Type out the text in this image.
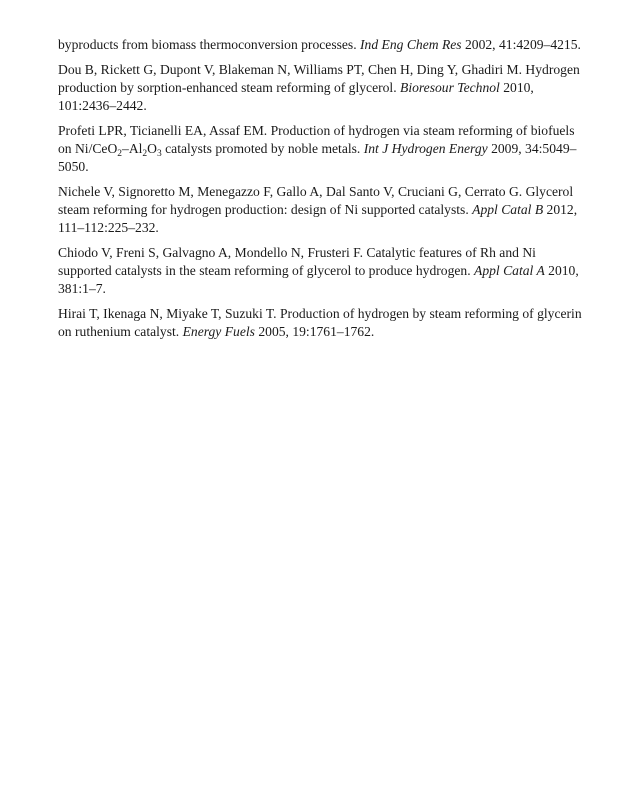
byproducts from biomass thermoconversion processes. Ind Eng Chem Res 2002, 41:4209–4215.
Dou B, Rickett G, Dupont V, Blakeman N, Williams PT, Chen H, Ding Y, Ghadiri M. Hydrogen production by sorption-enhanced steam reforming of glycerol. Bioresour Technol 2010, 101:2436–2442.
Profeti LPR, Ticianelli EA, Assaf EM. Production of hydrogen via steam reforming of biofuels on $Ni/CeO_2-Al_2O_3$ catalysts promoted by noble metals. Int J Hydrogen Energy 2009, 34:5049–5050.
Nichele V, Signoretto M, Menegazzo F, Gallo A, Dal Santo V, Cruciani G, Cerrato G. Glycerol steam reforming for hydrogen production: design of Ni supported catalysts. Appl Catal B 2012, 111–112:225–232.
Chiodo V, Freni S, Galvagno A, Mondello N, Frusteri F. Catalytic features of Rh and Ni supported catalysts in the steam reforming of glycerol to produce hydrogen. Appl Catal A 2010, 381:1–7.
Hirai T, Ikenaga N, Miyake T, Suzuki T. Production of hydrogen by steam reforming of glycerin on ruthenium catalyst. Energy Fuels 2005, 19:1761–1762.
